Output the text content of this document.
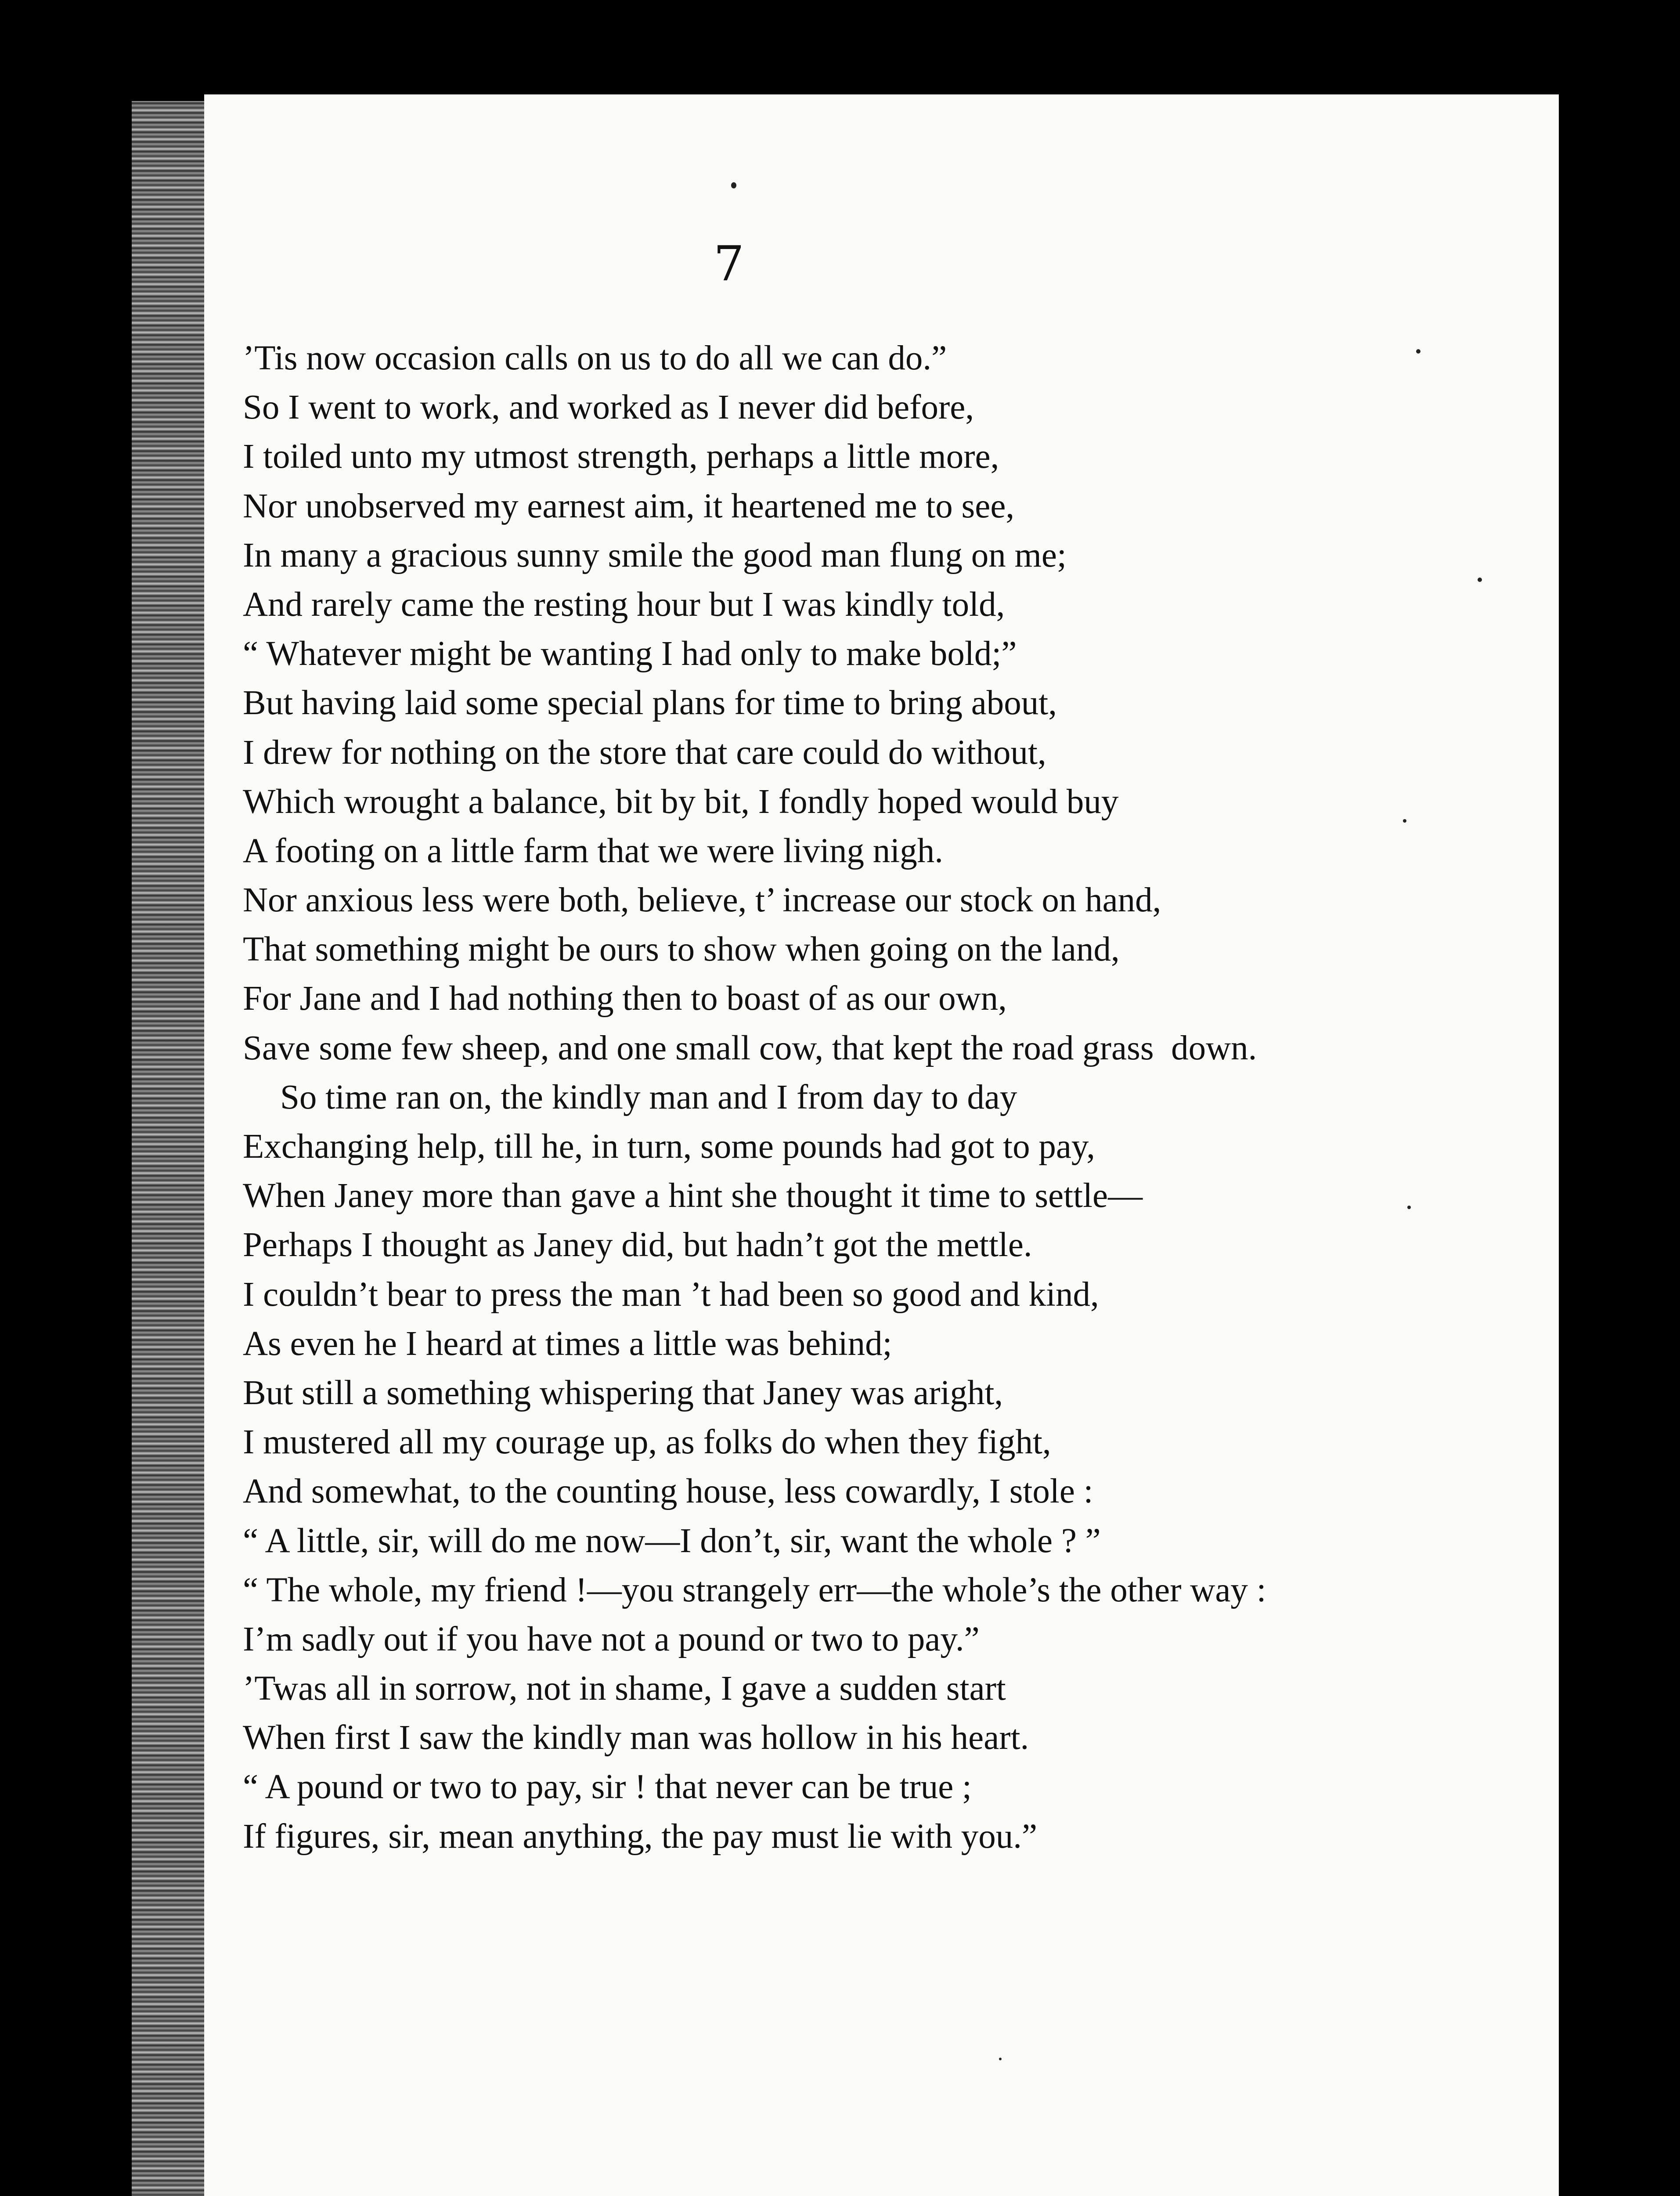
7

’Tis now occasion calls on us to do all we can do.”

So I went to work, and worked as I never did before,

I toiled unto my utmost strength, perhaps a little more,

Nor unobserved my earnest aim, it heartened me to see,

In many a gracious sunny smile the good man flung on me;

And rarely came the resting hour but I was kindly told,

“ Whatever might be wanting I had only to make bold;”

But having laid some special plans for time to bring about,

I drew for nothing on the store that care could do without,

Which wrought a balance, bit by bit, I fondly hoped would buy

A footing on a little farm that we were living nigh.

Nor anxious less were both, believe, t’ increase our stock on hand,

That something might be ours to show when going on the land,

For Jane and I had nothing then to boast of as our own,

Save some few sheep, and one small cow, that kept the road grass  down.

So time ran on, the kindly man and I from day to day

Exchanging help, till he, in turn, some pounds had got to pay,

When Janey more than gave a hint she thought it time to settle—

Perhaps I thought as Janey did, but hadn’t got the mettle.

I couldn’t bear to press the man ’t had been so good and kind,

As even he I heard at times a little was behind;

But still a something whispering that Janey was aright,

I mustered all my courage up, as folks do when they fight,

And somewhat, to the counting house, less cowardly, I stole :

“ A little, sir, will do me now—I don’t, sir, want the whole ? ”

“ The whole, my friend !—you strangely err—the whole’s the other way :

I’m sadly out if you have not a pound or two to pay.”

’Twas all in sorrow, not in shame, I gave a sudden start

When first I saw the kindly man was hollow in his heart.

“ A pound or two to pay, sir ! that never can be true ;

If figures, sir, mean anything, the pay must lie with you.”
